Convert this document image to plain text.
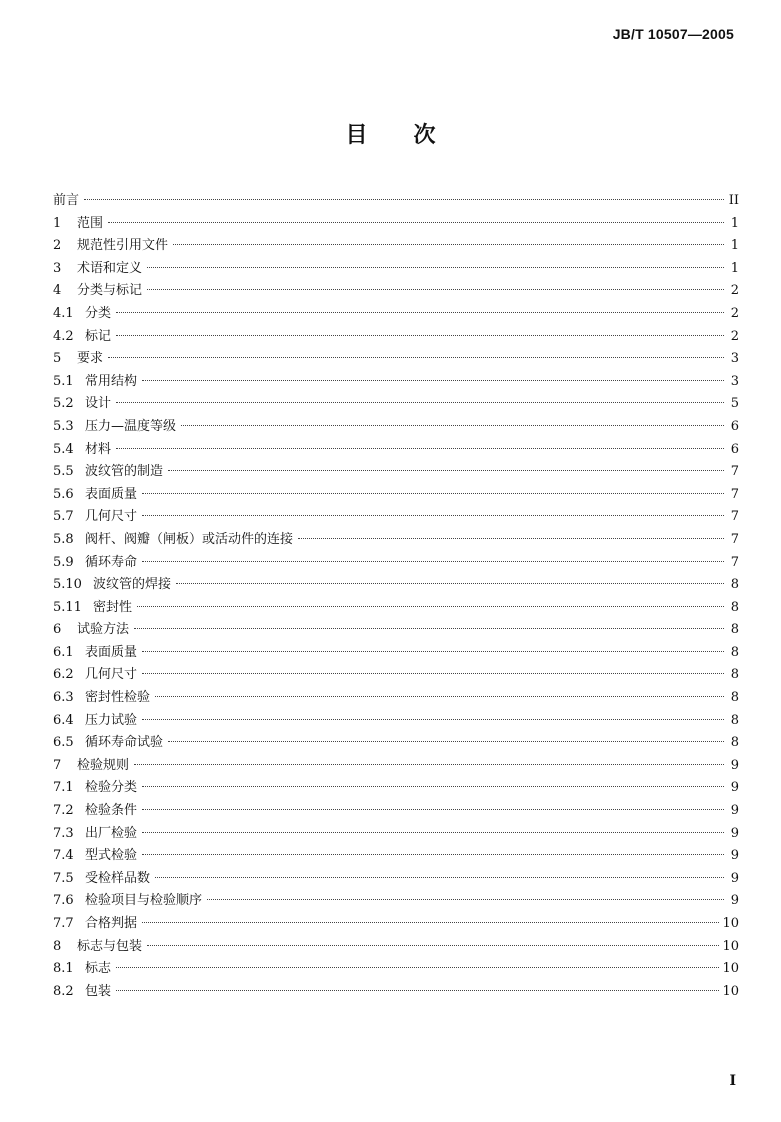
JB/T 10507—2005
目 次
前言	II
1	范围	1
2	规范性引用文件	1
3	术语和定义	1
4	分类与标记	2
4.1 分类	2
4.2 标记	2
5	要求	3
5.1 常用结构	3
5.2 设计	5
5.3 压力—温度等级	6
5.4 材料	6
5.5 波纹管的制造	7
5.6 表面质量	7
5.7 几何尺寸	7
5.8 阀杆、阀瓣（闸板）或活动件的连接	7
5.9 循环寿命	7
5.10 波纹管的焊接	8
5.11 密封性	8
6	试验方法	8
6.1 表面质量	8
6.2 几何尺寸	8
6.3 密封性检验	8
6.4 压力试验	8
6.5 循环寿命试验	8
7	检验规则	9
7.1 检验分类	9
7.2 检验条件	9
7.3 出厂检验	9
7.4 型式检验	9
7.5 受检样品数	9
7.6 检验项目与检验顺序	9
7.7 合格判据	10
8	标志与包装	10
8.1 标志	10
8.2 包装	10
I
